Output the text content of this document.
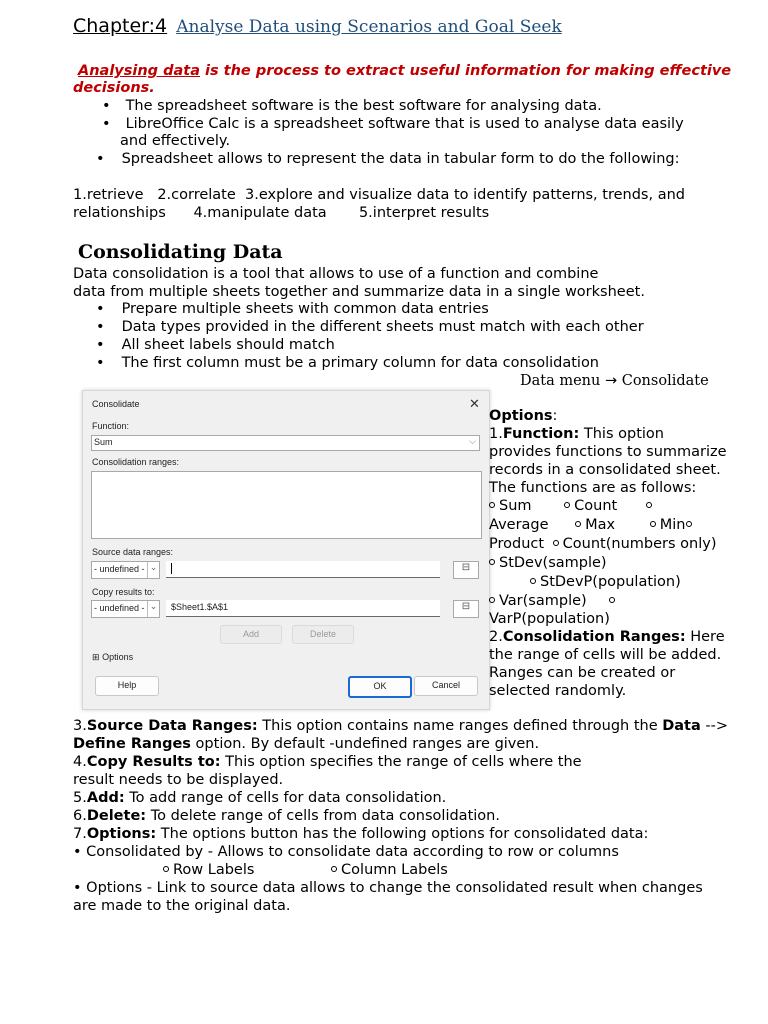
Chapter:4 Analyse Data using Scenarios and Goal Seek
Analysing data is the process to extract useful information for making effective
decisions.
• The spreadsheet software is the best software for analysing data.
• LibreOffice Calc is a spreadsheet software that is used to analyse data easily
and effectively.
• Spreadsheet allows to represent the data in tabular form to do the following:
1.retrieve   2.correlate  3.explore and visualize data to identify patterns, trends, and
relationships      4.manipulate data       5.interpret results
Consolidating Data
Data consolidation is a tool that allows to use of a function and combine
data from multiple sheets together and summarize data in a single worksheet.
• Prepare multiple sheets with common data entries
• Data types provided in the different sheets must match with each other
• All sheet labels should match
• The first column must be a primary column for data consolidation
Data menu → Consolidate
Consolidate	✕
Function:
Sum	⌵
Consolidation ranges:
Source data ranges:
- undefined - ⌄	⊟
Copy results to:
- undefined - ⌄ $Sheet1.$A$1	⊟
Add	Delete
⊞ Options
Help	OK	Cancel
Options:
1.Function: This option
provides functions to summarize
records in a consolidated sheet.
The functions are as follows:
Sum	Count
Average	Max	Min
Product Count(numbers only)
StDev(sample)
StDevP(population)
Var(sample)
VarP(population)
2.Consolidation Ranges: Here
the range of cells will be added.
Ranges can be created or
selected randomly.
3.Source Data Ranges: This option contains name ranges defined through the Data -->
Define Ranges option. By default -undefined ranges are given.
4.Copy Results to: This option specifies the range of cells where the
result needs to be displayed.
5.Add: To add range of cells for data consolidation.
6.Delete: To delete range of cells from data consolidation.
7.Options: The options button has the following options for consolidated data:
• Consolidated by - Allows to consolidate data according to row or columns
Row Labels	Column Labels
• Options - Link to source data allows to change the consolidated result when changes
are made to the original data.
